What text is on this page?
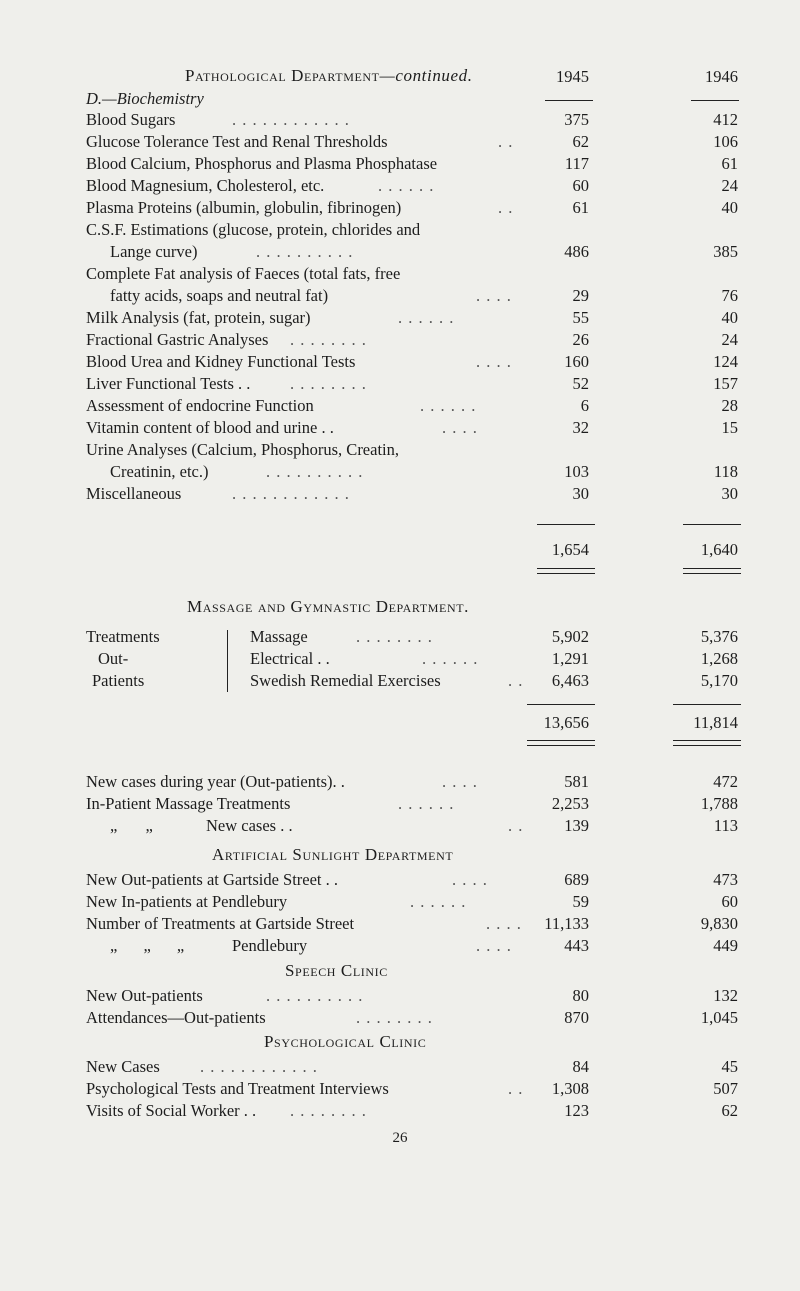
Pathological Department—continued.	1945	1946
D.—Biochemistry
Blood Sugars	. . . . . . . . . . . .	375	412
Glucose Tolerance Test and Renal Thresholds	. .	62	106
Blood Calcium, Phosphorus and Plasma Phosphatase	117	61
Blood Magnesium, Cholesterol, etc.	. . . . . .	60	24
Plasma Proteins (albumin, globulin, fibrinogen)	. .	61	40
C.S.F. Estimations (glucose, protein, chlorides and
Lange curve)	. . . . . . . . . .	486	385
Complete Fat analysis of Faeces (total fats, free
fatty acids, soaps and neutral fat)	. . . .	29	76
Milk Analysis (fat, protein, sugar)	. . . . . .	55	40
Fractional Gastric Analyses . . . . . . . .	26	24
Blood Urea and Kidney Functional Tests	. . . .	160	124
Liver Functional Tests . . . . . . . . . .	52	157
Assessment of endocrine Function	. . . . . .	6	28
Vitamin content of blood and urine . .	. . . .	32	15
Urine Analyses (Calcium, Phosphorus, Creatin,
Creatinin, etc.)	. . . . . . . . . .	103	118
Miscellaneous	. . . . . . . . . . . .	30	30
1,654	1,640
Massage and Gymnastic Department.
Treatments
Out-
Patients
Massage	. . . . . . . .	5,902	5,376
Electrical . .	. . . . . .	1,291	1,268
Swedish Remedial Exercises	. . 6,463	5,170
13,656	11,814
New cases during year (Out-patients). .	. . . .	581	472
In-Patient Massage Treatments	. . . . . .	2,253	1,788
„ „	New cases . .	. . 139	113
Artificial Sunlight Department
New Out-patients at Gartside Street . .	. . . .	689	473
New In-patients at Pendlebury	. . . . . .	59	60
Number of Treatments at Gartside Street	. . . . 11,133	9,830
„ „ „	Pendlebury	. . . .	443	449
Speech Clinic
New Out-patients	. . . . . . . . . .	80	132
Attendances—Out-patients	. . . . . . . .	870	1,045
Psychological Clinic
New Cases . . . . . . . . . . . .	84	45
Psychological Tests and Treatment Interviews	. . 1,308	507
Visits of Social Worker . . . . . . . . . .	123	62
26
